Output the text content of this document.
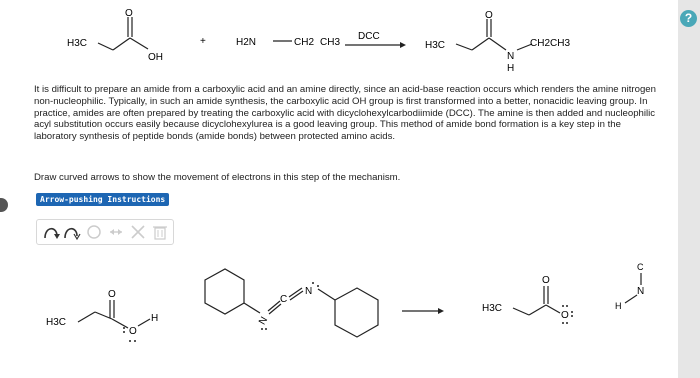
?
O
H3C
OH
+	H2N	CH2 CH3
DCC
O
H3C
N
H
CH2CH3
It is difficult to prepare an amide from a carboxylic acid and an amine directly, since an acid-base reaction occurs which renders the amine nitrogen non-nucleophilic. Typically, in such an amide synthesis, the carboxylic acid OH group is first transformed into a better, nonacidic leaving group. In practice, amides are often prepared by treating the carboxylic acid with dicyclohexylcarbodiimide (DCC). The amine is then added and nucleophilic acyl substitution occurs easily because dicyclohexylurea is a good leaving group. This method of amide bond formation is a key step in the laboratory synthesis of peptide bonds (amide bonds) between protected amino acids.
Draw curved arrows to show the movement of electrons in this step of the mechanism.
Arrow-pushing Instructions
H3C
O
O
H	N
C
N
H3C
O
O
C
N
H
